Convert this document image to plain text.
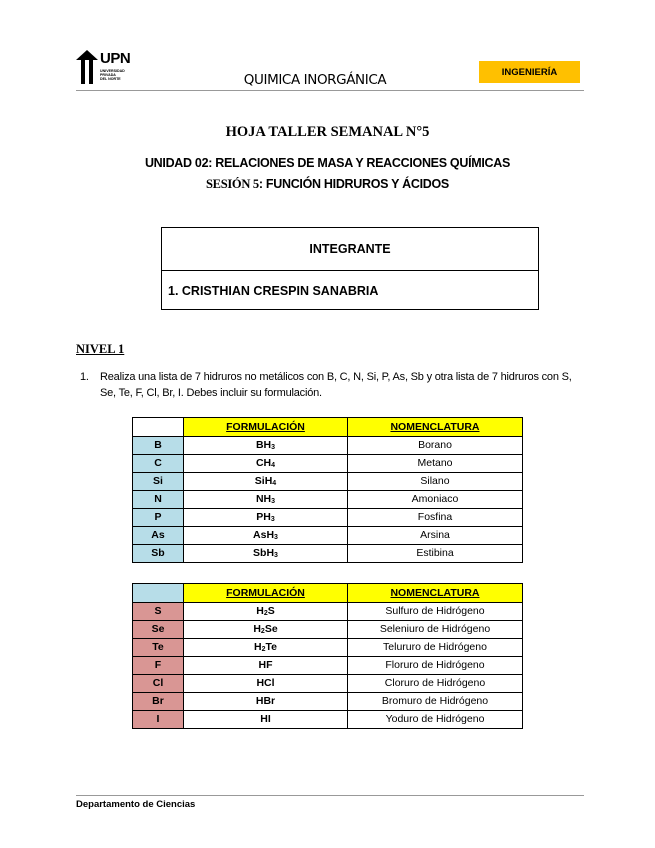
UPN
UNIVERSIDAD
PRIVADA
DEL NORTE	QUIMICA INORGÁNICA	INGENIERÍA
HOJA TALLER SEMANAL N°5
UNIDAD 02: RELACIONES DE MASA Y REACCIONES QUÍMICAS
SESIÓN 5: FUNCIÓN HIDRUROS Y ÁCIDOS
INTEGRANTE
1. CRISTHIAN CRESPIN SANABRIA
NIVEL 1
1. Realiza una lista de 7 hidruros no metálicos con B, C, N, Si, P, As, Sb y otra lista de 7 hidruros con S, Se, Te, F, Cl, Br, I. Debes incluir su formulación.
	FORMULACIÓN	NOMENCLATURA
B	$BH_3$	Borano
C	$CH_4$	Metano
Si	SiH$_4$	Silano
N	$NH_3$	Amoniaco
P	$PH_3$	Fosfina
As	AsH$_3$	Arsina
Sb	SbH$_3$	Estibina
	FORMULACIÓN	NOMENCLATURA
S	$H_2S$	Sulfuro de Hidrógeno
Se	$H_2Se$	Seleniuro de Hidrógeno
Te	$H_2Te$	Telururo de Hidrógeno
F	HF	Floruro de Hidrógeno
Cl	HCl	Cloruro de Hidrógeno
Br	HBr	Bromuro de Hidrógeno
I	HI	Yoduro de Hidrógeno
Departamento de Ciencias
